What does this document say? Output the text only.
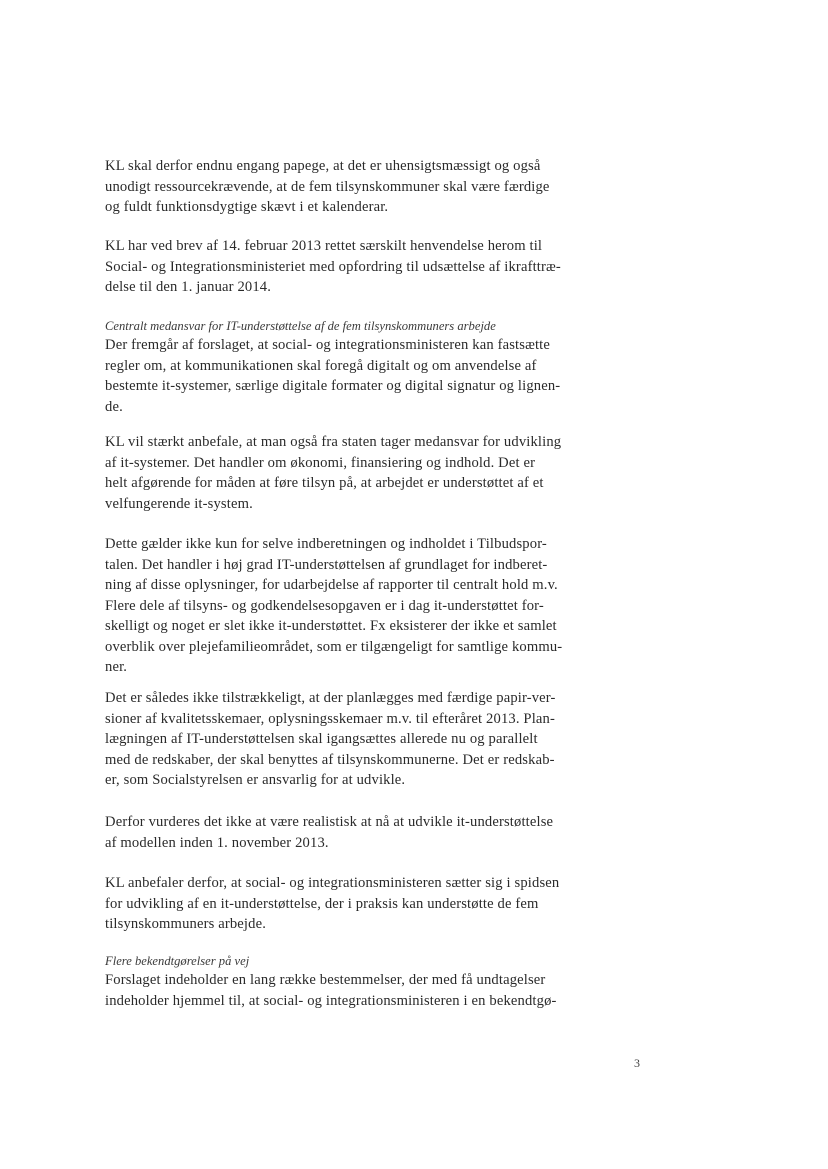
KL skal derfor endnu engang papege, at det er uhensigtsmæssigt og også
unodigt ressourcekrævende, at de fem tilsynskommuner skal være færdige
og fuldt funktionsdygtige skævt i et kalenderar.
KL har ved brev af 14. februar 2013 rettet særskilt henvendelse herom til
Social- og Integrationsministeriet med opfordring til udsættelse af ikrafttræ-
delse til den 1. januar 2014.
Centralt medansvar for IT-understøttelse af de fem tilsynskommuners arbejde
Der fremgår af forslaget, at social- og integrationsministeren kan fastsætte
regler om, at kommunikationen skal foregå digitalt og om anvendelse af
bestemte it-systemer, særlige digitale formater og digital signatur og lignen-
de.
KL vil stærkt anbefale, at man også fra staten tager medansvar for udvikling
af it-systemer. Det handler om økonomi, finansiering og indhold. Det er
helt afgørende for måden at føre tilsyn på, at arbejdet er understøttet af et
velfungerende it-system.
Dette gælder ikke kun for selve indberetningen og indholdet i Tilbudspor-
talen. Det handler i høj grad IT-understøttelsen af grundlaget for indberet-
ning af disse oplysninger, for udarbejdelse af rapporter til centralt hold m.v.
Flere dele af tilsyns- og godkendelsesopgaven er i dag it-understøttet for-
skelligt og noget er slet ikke it-understøttet. Fx eksisterer der ikke et samlet
overblik over plejefamilieområdet, som er tilgængeligt for samtlige kommu-
ner.
Det er således ikke tilstrækkeligt, at der planlægges med færdige papir-ver-
sioner af kvalitetsskemaer, oplysningsskemaer m.v. til efteråret 2013. Plan-
lægningen af IT-understøttelsen skal igangsættes allerede nu og parallelt
med de redskaber, der skal benyttes af tilsynskommunerne. Det er redskab-
er, som Socialstyrelsen er ansvarlig for at udvikle.
Derfor vurderes det ikke at være realistisk at nå at udvikle it-understøttelse
af modellen inden 1. november 2013.
KL anbefaler derfor, at social- og integrationsministeren sætter sig i spidsen
for udvikling af en it-understøttelse, der i praksis kan understøtte de fem
tilsynskommuners arbejde.
Flere bekendtgørelser på vej
Forslaget indeholder en lang række bestemmelser, der med få undtagelser
indeholder hjemmel til, at social- og integrationsministeren i en bekendtgø-
3
